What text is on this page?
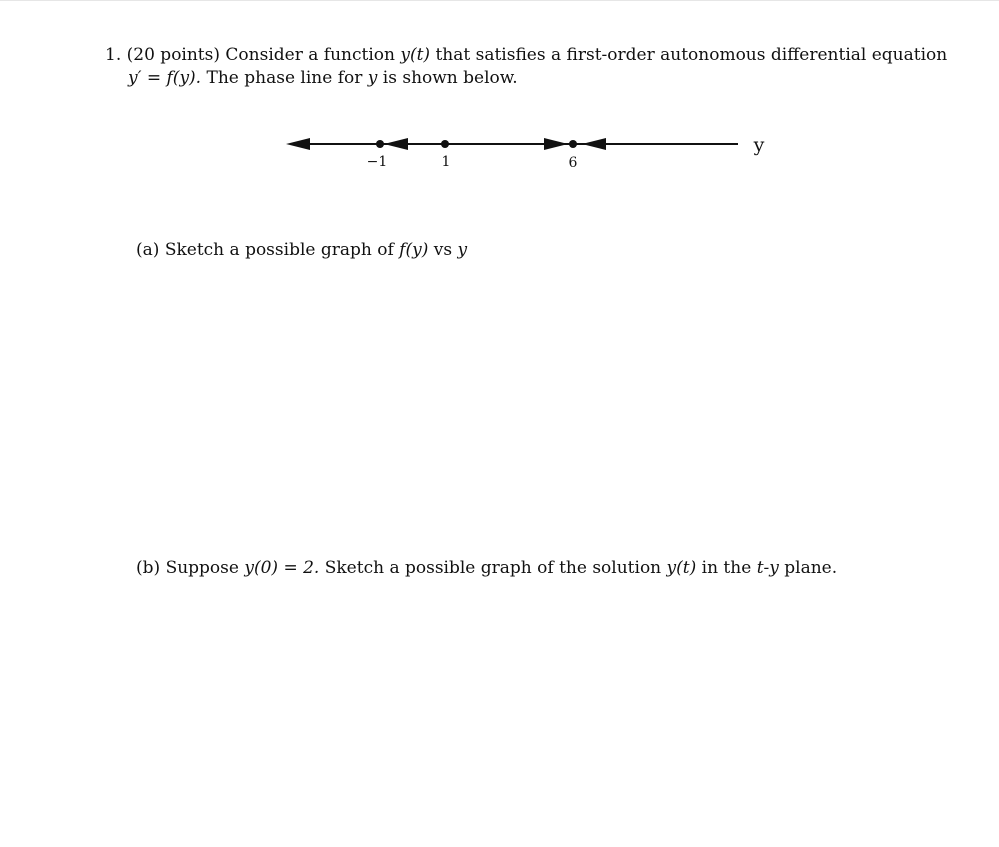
1. (20 points) Consider a function y(t) that satisfies a first-order autonomous differential equation
y′ = f(y). The phase line for y is shown below.
−1	1	6
y
(a) Sketch a possible graph of f(y) vs y
(b) Suppose y(0) = 2. Sketch a possible graph of the solution y(t) in the t-y plane.
